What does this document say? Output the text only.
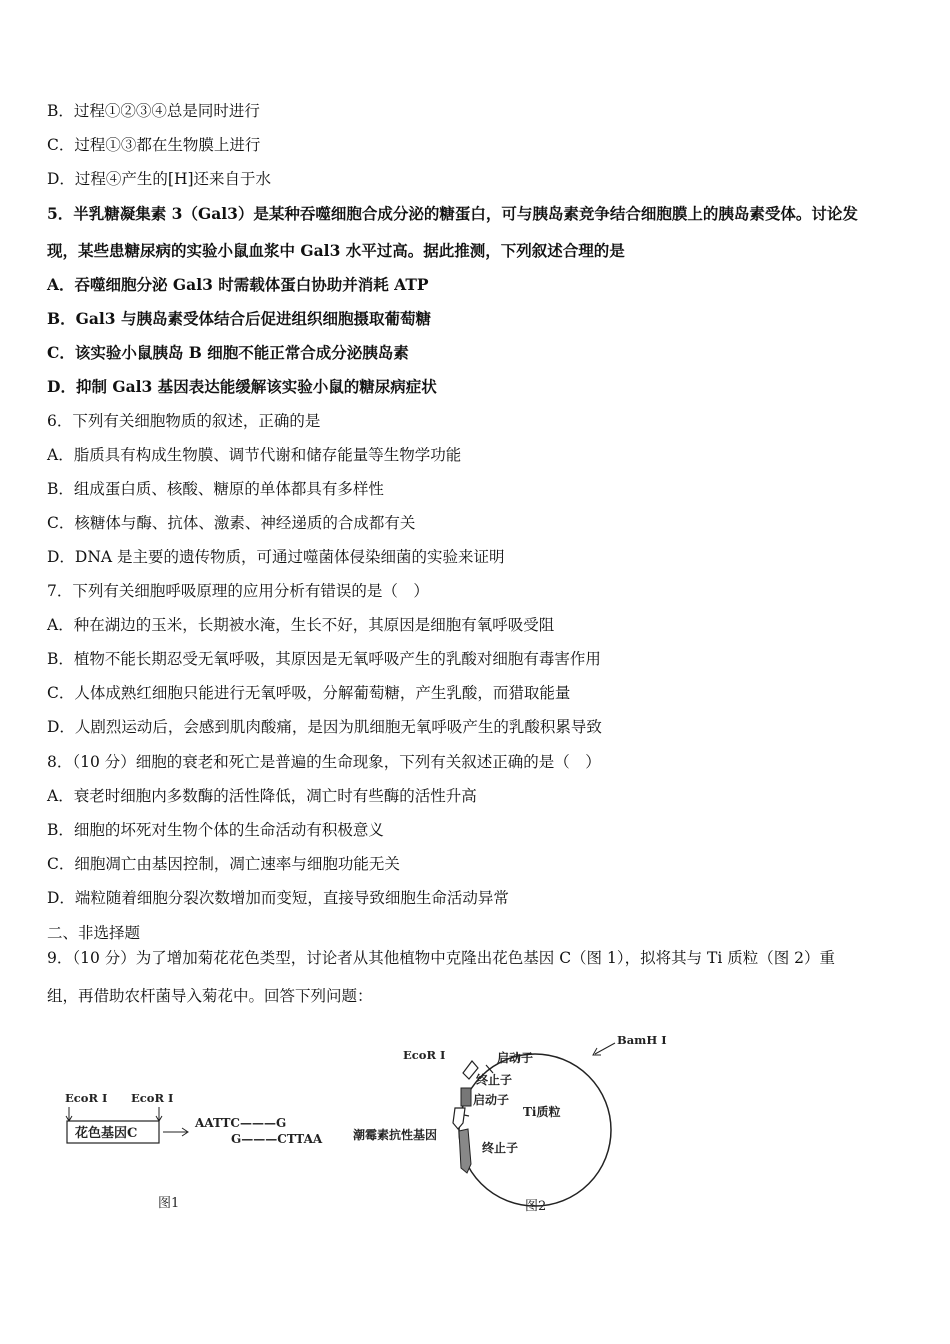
B．过程①②③④总是同时进行
C．过程①③都在生物膜上进行
D．过程④产生的[H]还来自于水
5．半乳糖凝集素 3（Gal3）是某种吞噬细胞合成分泌的糖蛋白，可与胰岛素竞争结合细胞膜上的胰岛素受体。讨论发
现，某些患糖尿病的实验小鼠血浆中 Gal3 水平过高。据此推测，下列叙述合理的是
A．吞噬细胞分泌 Gal3 时需载体蛋白协助并消耗 ATP
B．Gal3 与胰岛素受体结合后促进组织细胞摄取葡萄糖
C．该实验小鼠胰岛 B 细胞不能正常合成分泌胰岛素
D．抑制 Gal3 基因表达能缓解该实验小鼠的糖尿病症状
6．下列有关细胞物质的叙述，正确的是
A．脂质具有构成生物膜、调节代谢和储存能量等生物学功能
B．组成蛋白质、核酸、糖原的单体都具有多样性
C．核糖体与酶、抗体、激素、神经递质的合成都有关
D．DNA 是主要的遗传物质，可通过噬菌体侵染细菌的实验来证明
7．下列有关细胞呼吸原理的应用分析有错误的是（　）
A．种在湖边的玉米，长期被水淹，生长不好，其原因是细胞有氧呼吸受阻
B．植物不能长期忍受无氧呼吸，其原因是无氧呼吸产生的乳酸对细胞有毒害作用
C．人体成熟红细胞只能进行无氧呼吸，分解葡萄糖，产生乳酸，而猎取能量
D．人剧烈运动后，会感到肌肉酸痛，是因为肌细胞无氧呼吸产生的乳酸积累导致
8．（10 分）细胞的衰老和死亡是普遍的生命现象，下列有关叙述正确的是（　）
A．衰老时细胞内多数酶的活性降低，凋亡时有些酶的活性升高
B．细胞的坏死对生物个体的生命活动有积极意义
C．细胞凋亡由基因控制，凋亡速率与细胞功能无关
D．端粒随着细胞分裂次数增加而变短，直接导致细胞生命活动异常
二、非选择题
9．（10 分）为了增加菊花花色类型，讨论者从其他植物中克隆出花色基因 C（图 1），拟将其与 Ti 质粒（图 2）重
组，再借助农杆菌导入菊花中。回答下列问题：
EcoR Ⅰ EcoR Ⅰ
花色基因C
AATTC———G
G———CTTAA
图1
EcoR Ⅰ
BamH Ⅰ
启动子
终止子
启动子
Ti质粒
潮霉素抗性基因
终止子
图2
